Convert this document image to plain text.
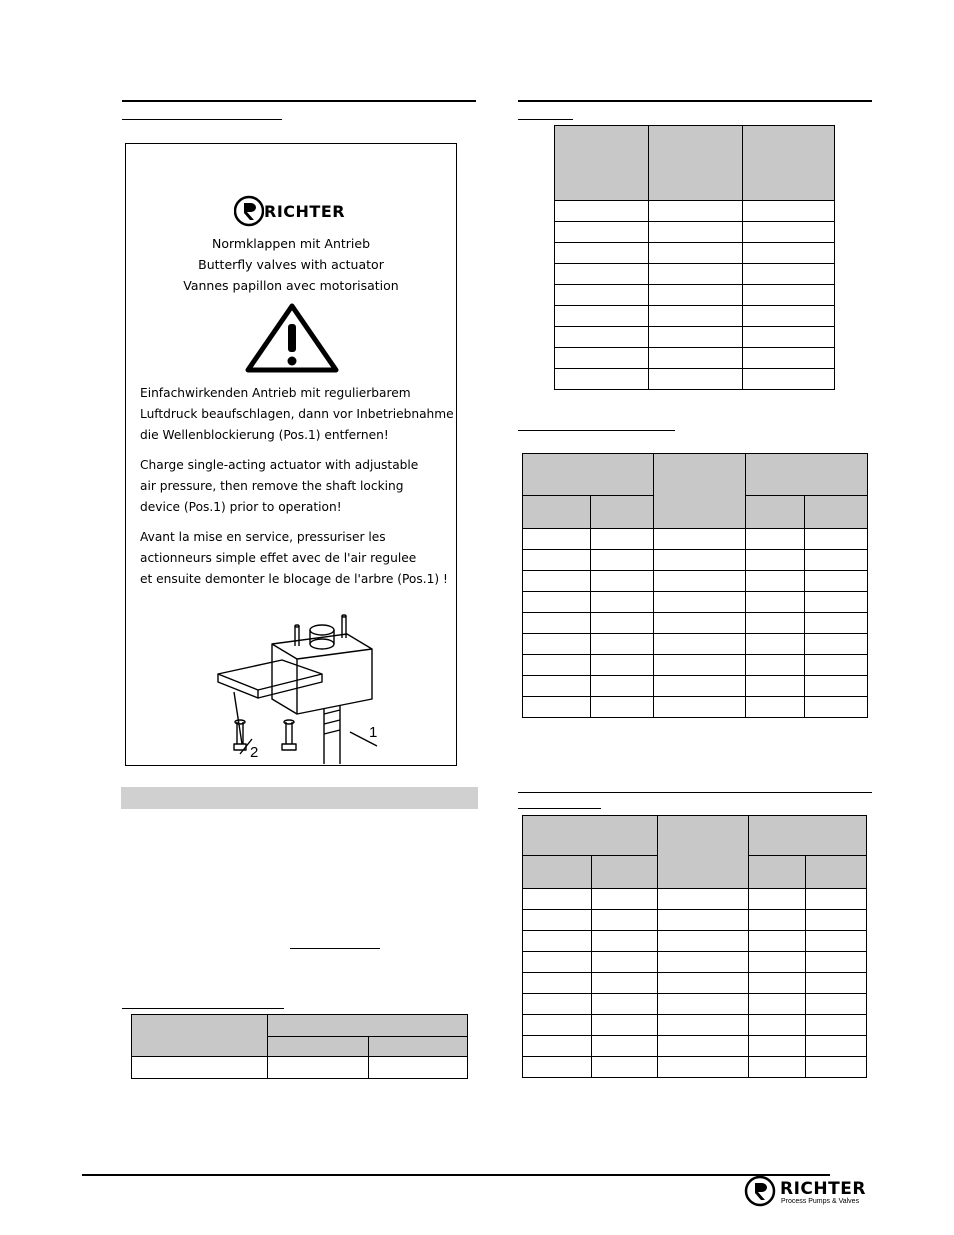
RICHTER
Normklappen mit Antrieb
Butterfly valves with actuator
Vannes papillon avec motorisation
Einfachwirkenden Antrieb mit regulierbarem
Luftdruck beaufschlagen, dann vor Inbetriebnahme
die Wellenblockierung (Pos.1) entfernen!
Charge single-acting actuator with adjustable
air pressure, then remove the shaft locking
device (Pos.1) prior to operation!
Avant la mise en service, pressuriser les
actionneurs simple effet avec de l'air regulee
et ensuite demonter le blocage de l'arbre (Pos.1) !
1
2

RICHTER
Process Pumps & Valves
